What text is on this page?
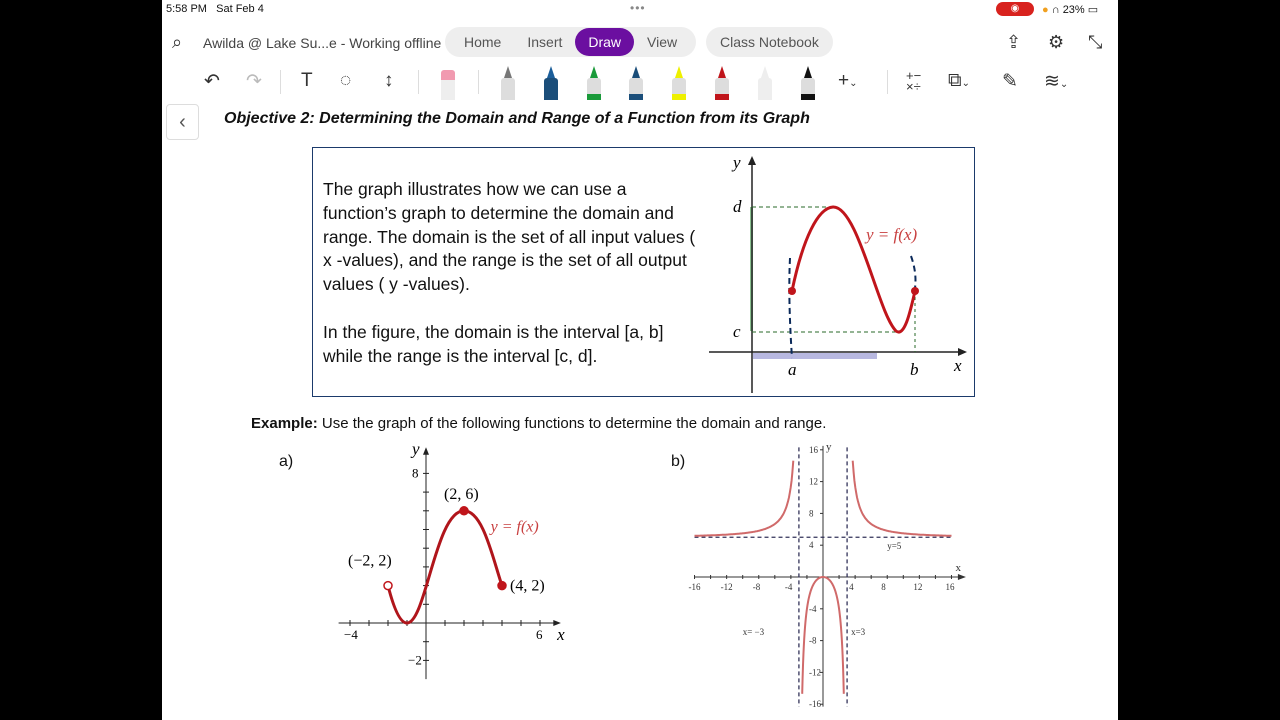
5:58 PM Sat Feb 4	•••	◉	● ∩ 23% ▭
⌕ Awilda @ Lake Su...e - Working offline	Home	Insert	Draw	View	Class Notebook	⇪ ⚙ ⤡
↶ ↷ T ◌ ↕	+⌄
+−
×÷ ⧉⌄ ✎ ≋⌄
‹	Objective 2: Determining the Domain and Range of a Function from its Graph

The graph illustrates how we can use a function’s graph to determine the domain and range. The domain is the set of all input values ( x -values), and the range is the set of all output values ( y -values).

In the figure, the domain is the interval [a, b] while the range is the interval [c, d].

y
d
c
a	b x
y = f(x)
Example: Use the graph of the following functions to determine the domain and range.
a)	b)
−4	6
8
−2
x
y
(−2, 2)
(2, 6)
(4, 2)
y = f(x)
-16 -12 -8	-4	4	8	12	16
16
12
8
4
-4
-8
-12
-16
x
y
y=5
x= −3	x=3
